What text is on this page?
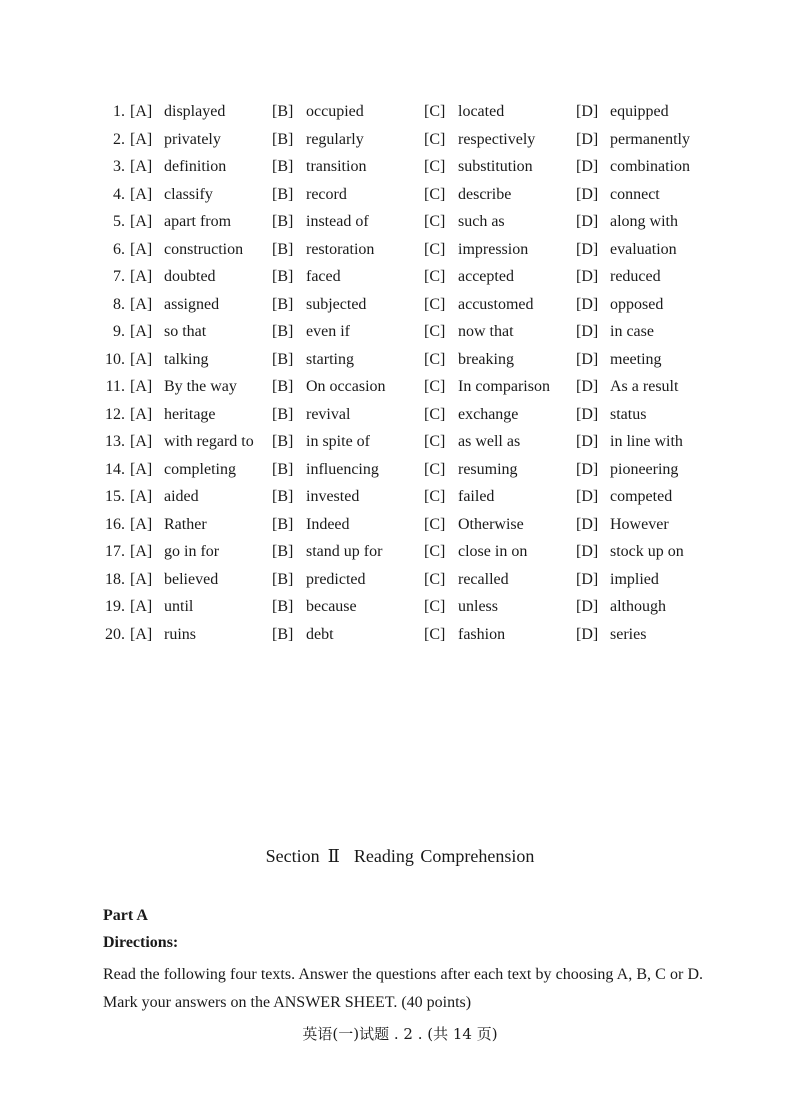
1. [A] displayed	[B] occupied	[C] located	[D] equipped
2. [A] privately	[B] regularly	[C] respectively	[D] permanently
3. [A] definition	[B] transition	[C] substitution	[D] combination
4. [A] classify	[B] record	[C] describe	[D] connect
5. [A] apart from	[B] instead of	[C] such as	[D] along with
6. [A] construction [B] restoration	[C] impression	[D] evaluation
7. [A] doubted	[B] faced	[C] accepted	[D] reduced
8. [A] assigned	[B] subjected	[C] accustomed	[D] opposed
9. [A] so that	[B] even if	[C] now that	[D] in case
10. [A] talking	[B] starting	[C] breaking	[D] meeting
11. [A] By the way [B] On occasion [C] In comparison [D] As a result
12. [A] heritage	[B] revival	[C] exchange	[D] status
13. [A] with regard to [B] in spite of	[C] as well as	[D] in line with
14. [A] completing [B] influencing	[C] resuming	[D] pioneering
15. [A] aided	[B] invested	[C] failed	[D] competed
16. [A] Rather	[B] Indeed	[C] Otherwise	[D] However
17. [A] go in for	[B] stand up for	[C] close in on	[D] stock up on
18. [A] believed	[B] predicted	[C] recalled	[D] implied
19. [A] until	[B] because	[C] unless	[D] although
20. [A] ruins	[B] debt	[C] fashion	[D] series
Section Ⅱ Reading Comprehension
Part A
Directions:
Read the following four texts. Answer the questions after each text by choosing A, B, C or D. Mark your answers on the ANSWER SHEET. (40 points)
英语(一)试题 . 2 . (共 14 页)
